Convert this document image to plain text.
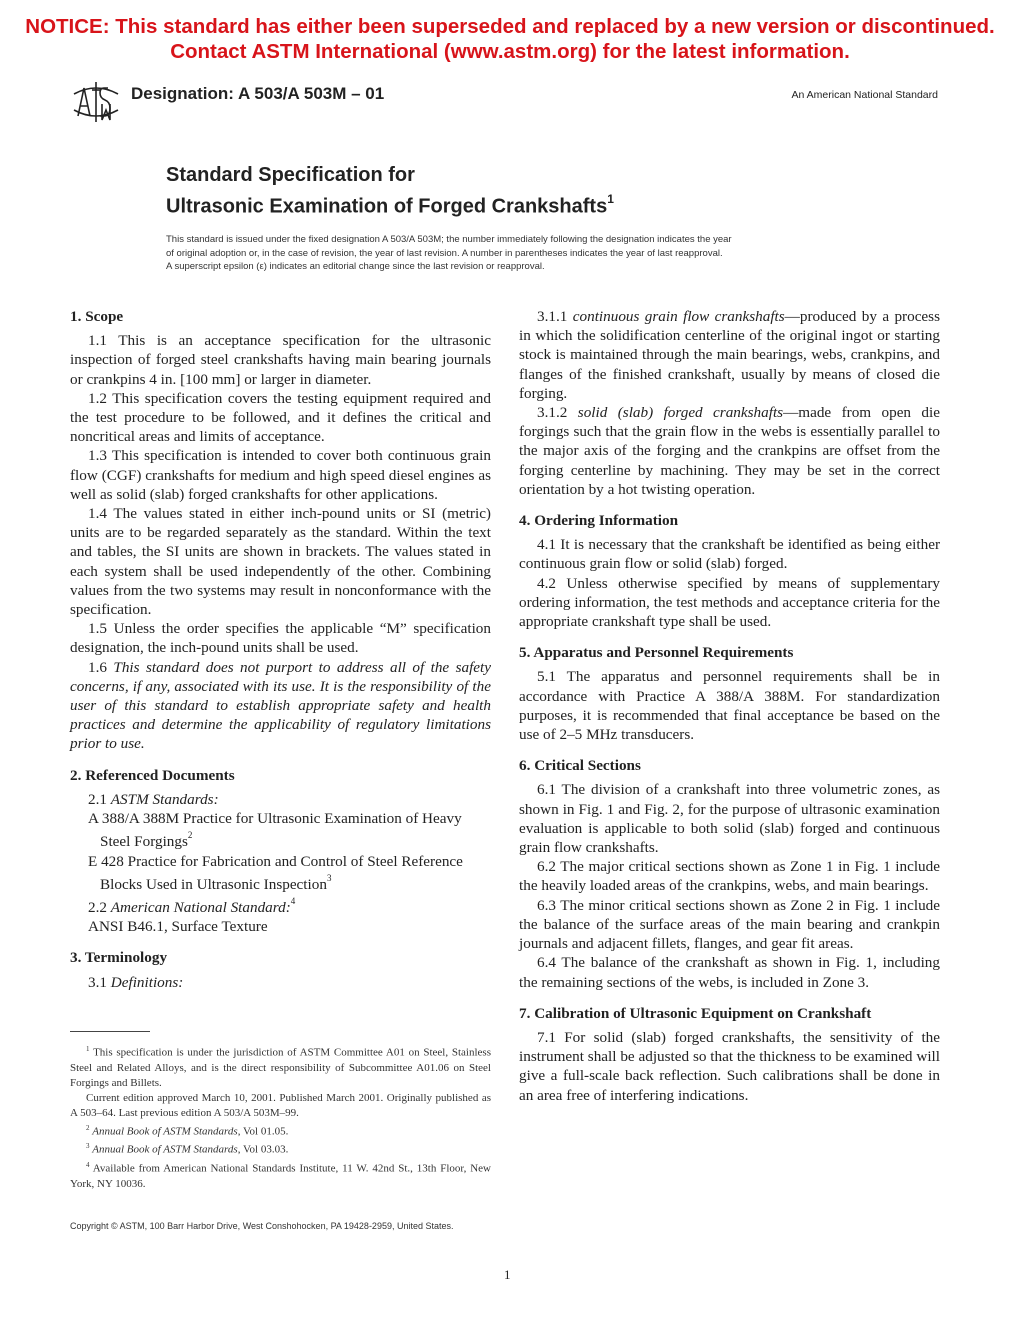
NOTICE: This standard has either been superseded and replaced by a new version or discontinued.
Contact ASTM International (www.astm.org) for the latest information.
Designation: A 503/A 503M – 01	An American National Standard
Standard Specification for
Ultrasonic Examination of Forged Crankshafts$^1$

This standard is issued under the fixed designation A 503/A 503M; the number immediately following the designation indicates the year

of original adoption or, in the case of revision, the year of last revision. A number in parentheses indicates the year of last reapproval.

A superscript epsilon (ε) indicates an editorial change since the last revision or reapproval.

1. Scope

1.1 This is an acceptance specification for the ultrasonic inspection of forged steel crankshafts having main bearing journals or crankpins 4 in. [100 mm] or larger in diameter.

1.2 This specification covers the testing equipment required and the test procedure to be followed, and it defines the critical and noncritical areas and limits of acceptance.

1.3 This specification is intended to cover both continuous grain flow (CGF) crankshafts for medium and high speed diesel engines as well as solid (slab) forged crankshafts for other applications.

1.4 The values stated in either inch-pound units or SI (metric) units are to be regarded separately as the standard. Within the text and tables, the SI units are shown in brackets. The values stated in each system shall be used independently of the other. Combining values from the two systems may result in nonconformance with the specification.

1.5 Unless the order specifies the applicable “M” specification designation, the inch-pound units shall be used.

1.6 This standard does not purport to address all of the safety concerns, if any, associated with its use. It is the responsibility of the user of this standard to establish appropriate safety and health practices and determine the applicability of regulatory limitations prior to use.

2. Referenced Documents

2.1 ASTM Standards:

A 388/A 388M Practice for Ultrasonic Examination of Heavy Steel Forgings$^2$

E 428 Practice for Fabrication and Control of Steel Reference Blocks Used in Ultrasonic Inspection$^3$

2.2 American National Standard:$^4$

ANSI B46.1, Surface Texture

3. Terminology

3.1 Definitions:

$^1$ This specification is under the jurisdiction of ASTM Committee A01 on Steel, Stainless Steel and Related Alloys, and is the direct responsibility of Subcommittee A01.06 on Steel Forgings and Billets.

Current edition approved March 10, 2001. Published March 2001. Originally published as A 503–64. Last previous edition A 503/A 503M–99.

$^2$ Annual Book of ASTM Standards, Vol 01.05.

$^3$ Annual Book of ASTM Standards, Vol 03.03.

$^4$ Available from American National Standards Institute, 11 W. 42nd St., 13th Floor, New York, NY 10036.

3.1.1 continuous grain flow crankshafts—produced by a process in which the solidification centerline of the original ingot or starting stock is maintained through the main bearings, webs, crankpins, and flanges of the finished crankshaft, usually by means of closed die forging.

3.1.2 solid (slab) forged crankshafts—made from open die forgings such that the grain flow in the webs is essentially parallel to the major axis of the forging and the crankpins are offset from the forging centerline by machining. They may be set in the correct orientation by a hot twisting operation.

4. Ordering Information

4.1 It is necessary that the crankshaft be identified as being either continuous grain flow or solid (slab) forged.

4.2 Unless otherwise specified by means of supplementary ordering information, the test methods and acceptance criteria for the appropriate crankshaft type shall be used.

5. Apparatus and Personnel Requirements

5.1 The apparatus and personnel requirements shall be in accordance with Practice A 388/A 388M. For standardization purposes, it is recommended that final acceptance be based on the use of 2–5 MHz transducers.

6. Critical Sections

6.1 The division of a crankshaft into three volumetric zones, as shown in Fig. 1 and Fig. 2, for the purpose of ultrasonic examination evaluation is applicable to both solid (slab) forged and continuous grain flow crankshafts.

6.2 The major critical sections shown as Zone 1 in Fig. 1 include the heavily loaded areas of the crankpins, webs, and main bearings.

6.3 The minor critical sections shown as Zone 2 in Fig. 1 include the balance of the surface areas of the main bearing and crankpin journals and adjacent fillets, flanges, and gear fit areas.

6.4 The balance of the crankshaft as shown in Fig. 1, including the remaining sections of the webs, is included in Zone 3.

7. Calibration of Ultrasonic Equipment on Crankshaft

7.1 For solid (slab) forged crankshafts, the sensitivity of the instrument shall be adjusted so that the thickness to be examined will give a full-scale back reflection. Such calibrations shall be done in an area free of interfering indications.

Copyright © ASTM, 100 Barr Harbor Drive, West Conshohocken, PA 19428-2959, United States.
1
